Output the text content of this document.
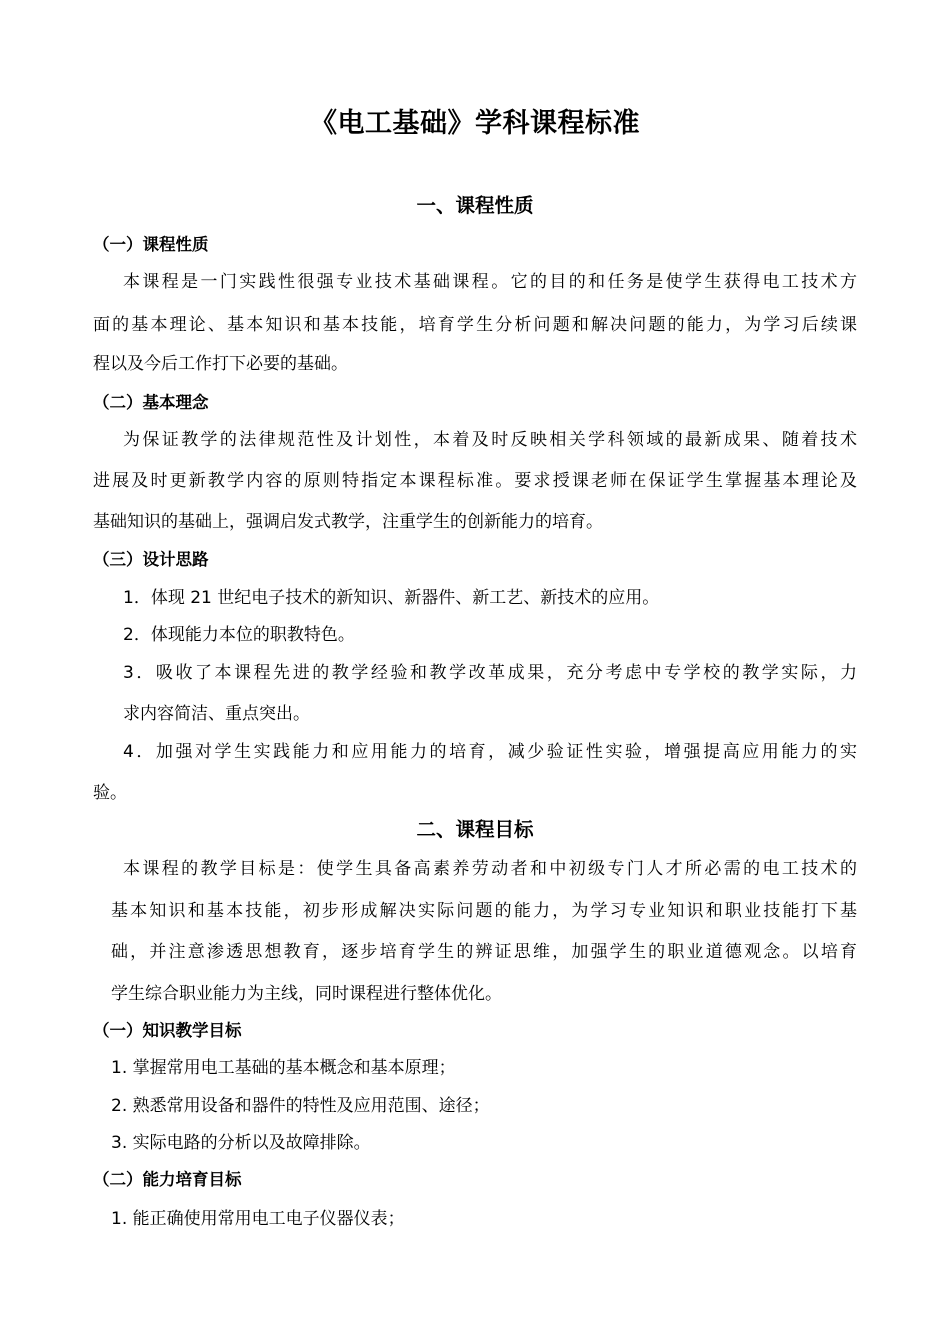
《电工基础》学科课程标准
一、课程性质
（一）课程性质
本课程是一门实践性很强专业技术基础课程。它的目的和任务是使学生获得电工技术方
面的基本理论、基本知识和基本技能，培育学生分析问题和解决问题的能力，为学习后续课
程以及今后工作打下必要的基础。
（二）基本理念
为保证教学的法律规范性及计划性，本着及时反映相关学科领域的最新成果、随着技术
进展及时更新教学内容的原则特指定本课程标准。要求授课老师在保证学生掌握基本理论及
基础知识的基础上，强调启发式教学，注重学生的创新能力的培育。
（三）设计思路
1．体现 21 世纪电子技术的新知识、新器件、新工艺、新技术的应用。
2．体现能力本位的职教特色。
3．吸收了本课程先进的教学经验和教学改革成果，充分考虑中专学校的教学实际，力
求内容简洁、重点突出。
4．加强对学生实践能力和应用能力的培育，减少验证性实验，增强提高应用能力的实
验。
二、课程目标
本课程的教学目标是：使学生具备高素养劳动者和中初级专门人才所必需的电工技术的
基本知识和基本技能，初步形成解决实际问题的能力，为学习专业知识和职业技能打下基
础，并注意渗透思想教育，逐步培育学生的辨证思维，加强学生的职业道德观念。以培育
学生综合职业能力为主线，同时课程进行整体优化。
（一）知识教学目标
1. 掌握常用电工基础的基本概念和基本原理；
2. 熟悉常用设备和器件的特性及应用范围、途径；
3. 实际电路的分析以及故障排除。
（二）能力培育目标
1. 能正确使用常用电工电子仪器仪表；
